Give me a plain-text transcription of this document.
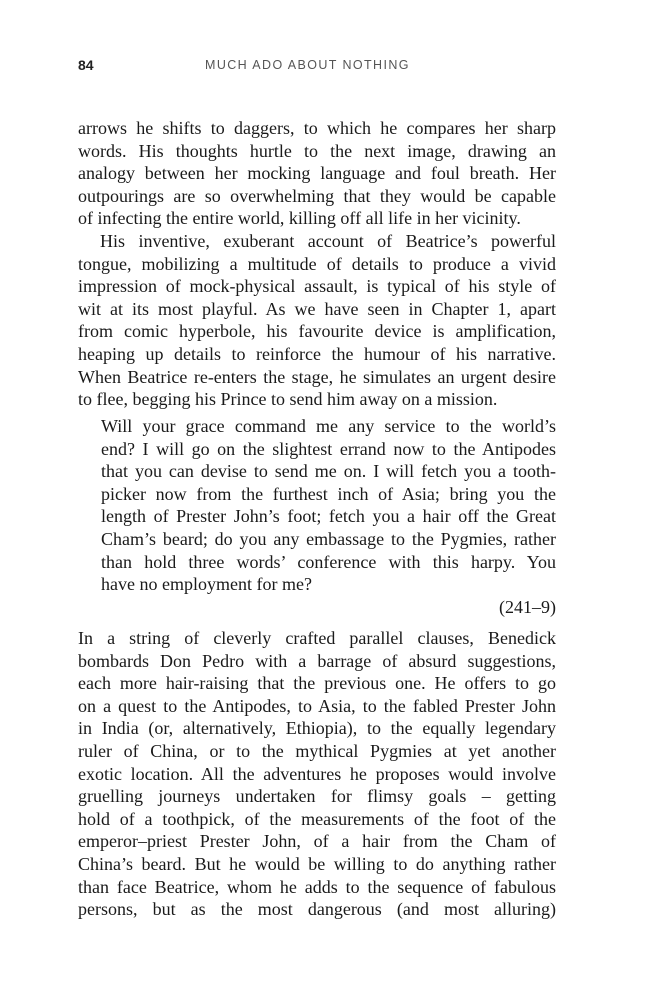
84	MUCH ADO ABOUT NOTHING
arrows he shifts to daggers, to which he compares her sharp
words. His thoughts hurtle to the next image, drawing an
analogy between her mocking language and foul breath. Her
outpourings are so overwhelming that they would be capable
of infecting the entire world, killing off all life in her vicinity.
His inventive, exuberant account of Beatrice’s powerful
tongue, mobilizing a multitude of details to produce a vivid
impression of mock-physical assault, is typical of his style of
wit at its most playful. As we have seen in Chapter 1, apart
from comic hyperbole, his favourite device is amplification,
heaping up details to reinforce the humour of his narrative.
When Beatrice re-enters the stage, he simulates an urgent desire
to flee, begging his Prince to send him away on a mission.
Will your grace command me any service to the world’s
end? I will go on the slightest errand now to the Antipodes
that you can devise to send me on. I will fetch you a tooth-
picker now from the furthest inch of Asia; bring you the
length of Prester John’s foot; fetch you a hair off the Great
Cham’s beard; do you any embassage to the Pygmies, rather
than hold three words’ conference with this harpy. You
have no employment for me?
(241–9)
In a string of cleverly crafted parallel clauses, Benedick
bombards Don Pedro with a barrage of absurd suggestions,
each more hair-raising that the previous one. He offers to go
on a quest to the Antipodes, to Asia, to the fabled Prester John
in India (or, alternatively, Ethiopia), to the equally legendary
ruler of China, or to the mythical Pygmies at yet another
exotic location. All the adventures he proposes would involve
gruelling journeys undertaken for flimsy goals – getting
hold of a toothpick, of the measurements of the foot of the
emperor–priest Prester John, of a hair from the Cham of
China’s beard. But he would be willing to do anything rather
than face Beatrice, whom he adds to the sequence of fabulous
persons, but as the most dangerous (and most alluring)
